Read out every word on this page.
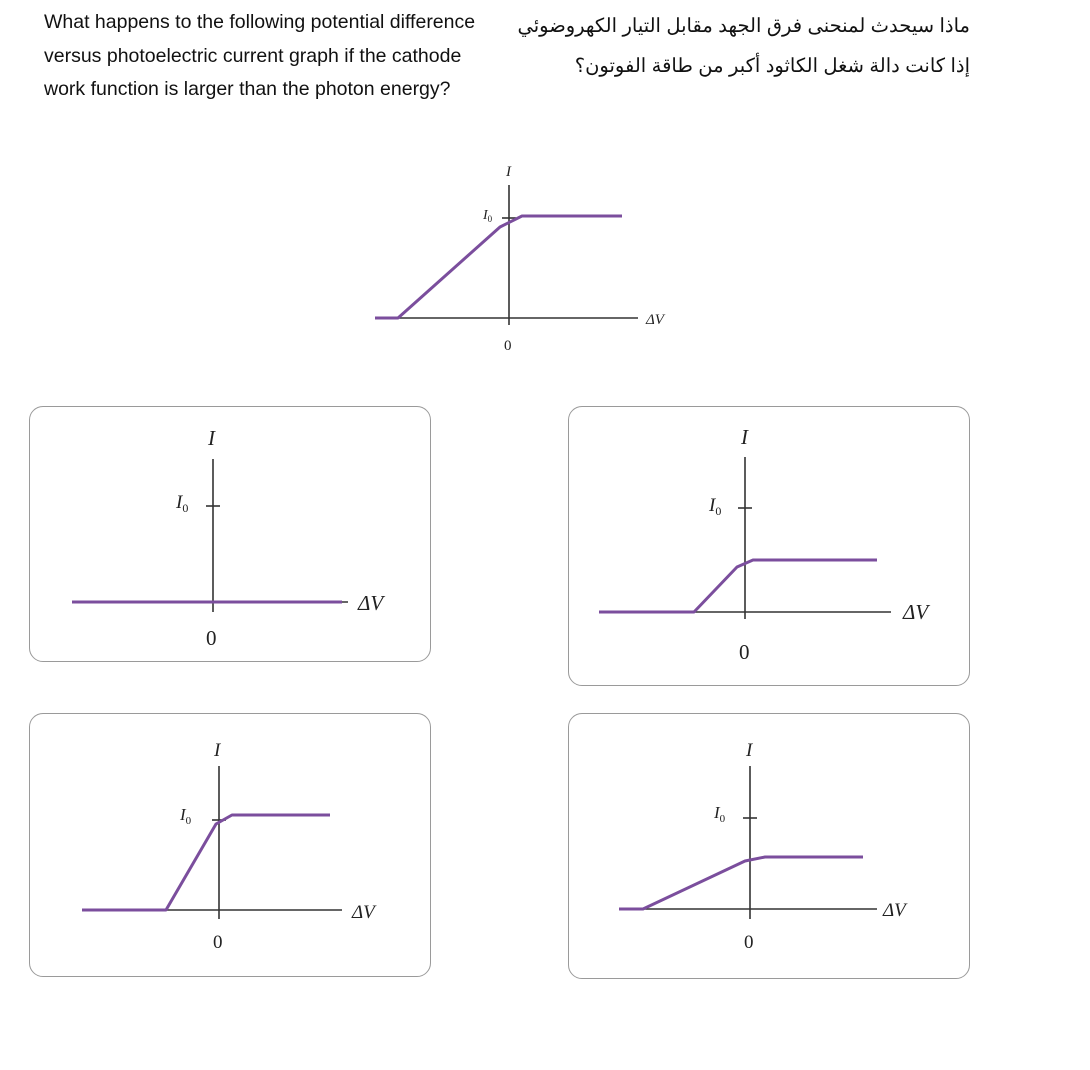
What happens to the following potential difference versus photoelectric current graph if the cathode work function is larger than the photon energy?
ماذا سيحدث لمنحنى فرق الجهد مقابل التيار الكهروضوئي إذا كانت دالة شغل الكاثود أكبر من طاقة الفوتون؟
I
$I_0$
ΔV
0
I
$I_0$
ΔV
0
I
$I_0$
ΔV
0
I
$I_0$
ΔV
0
I
$I_0$
ΔV
0
